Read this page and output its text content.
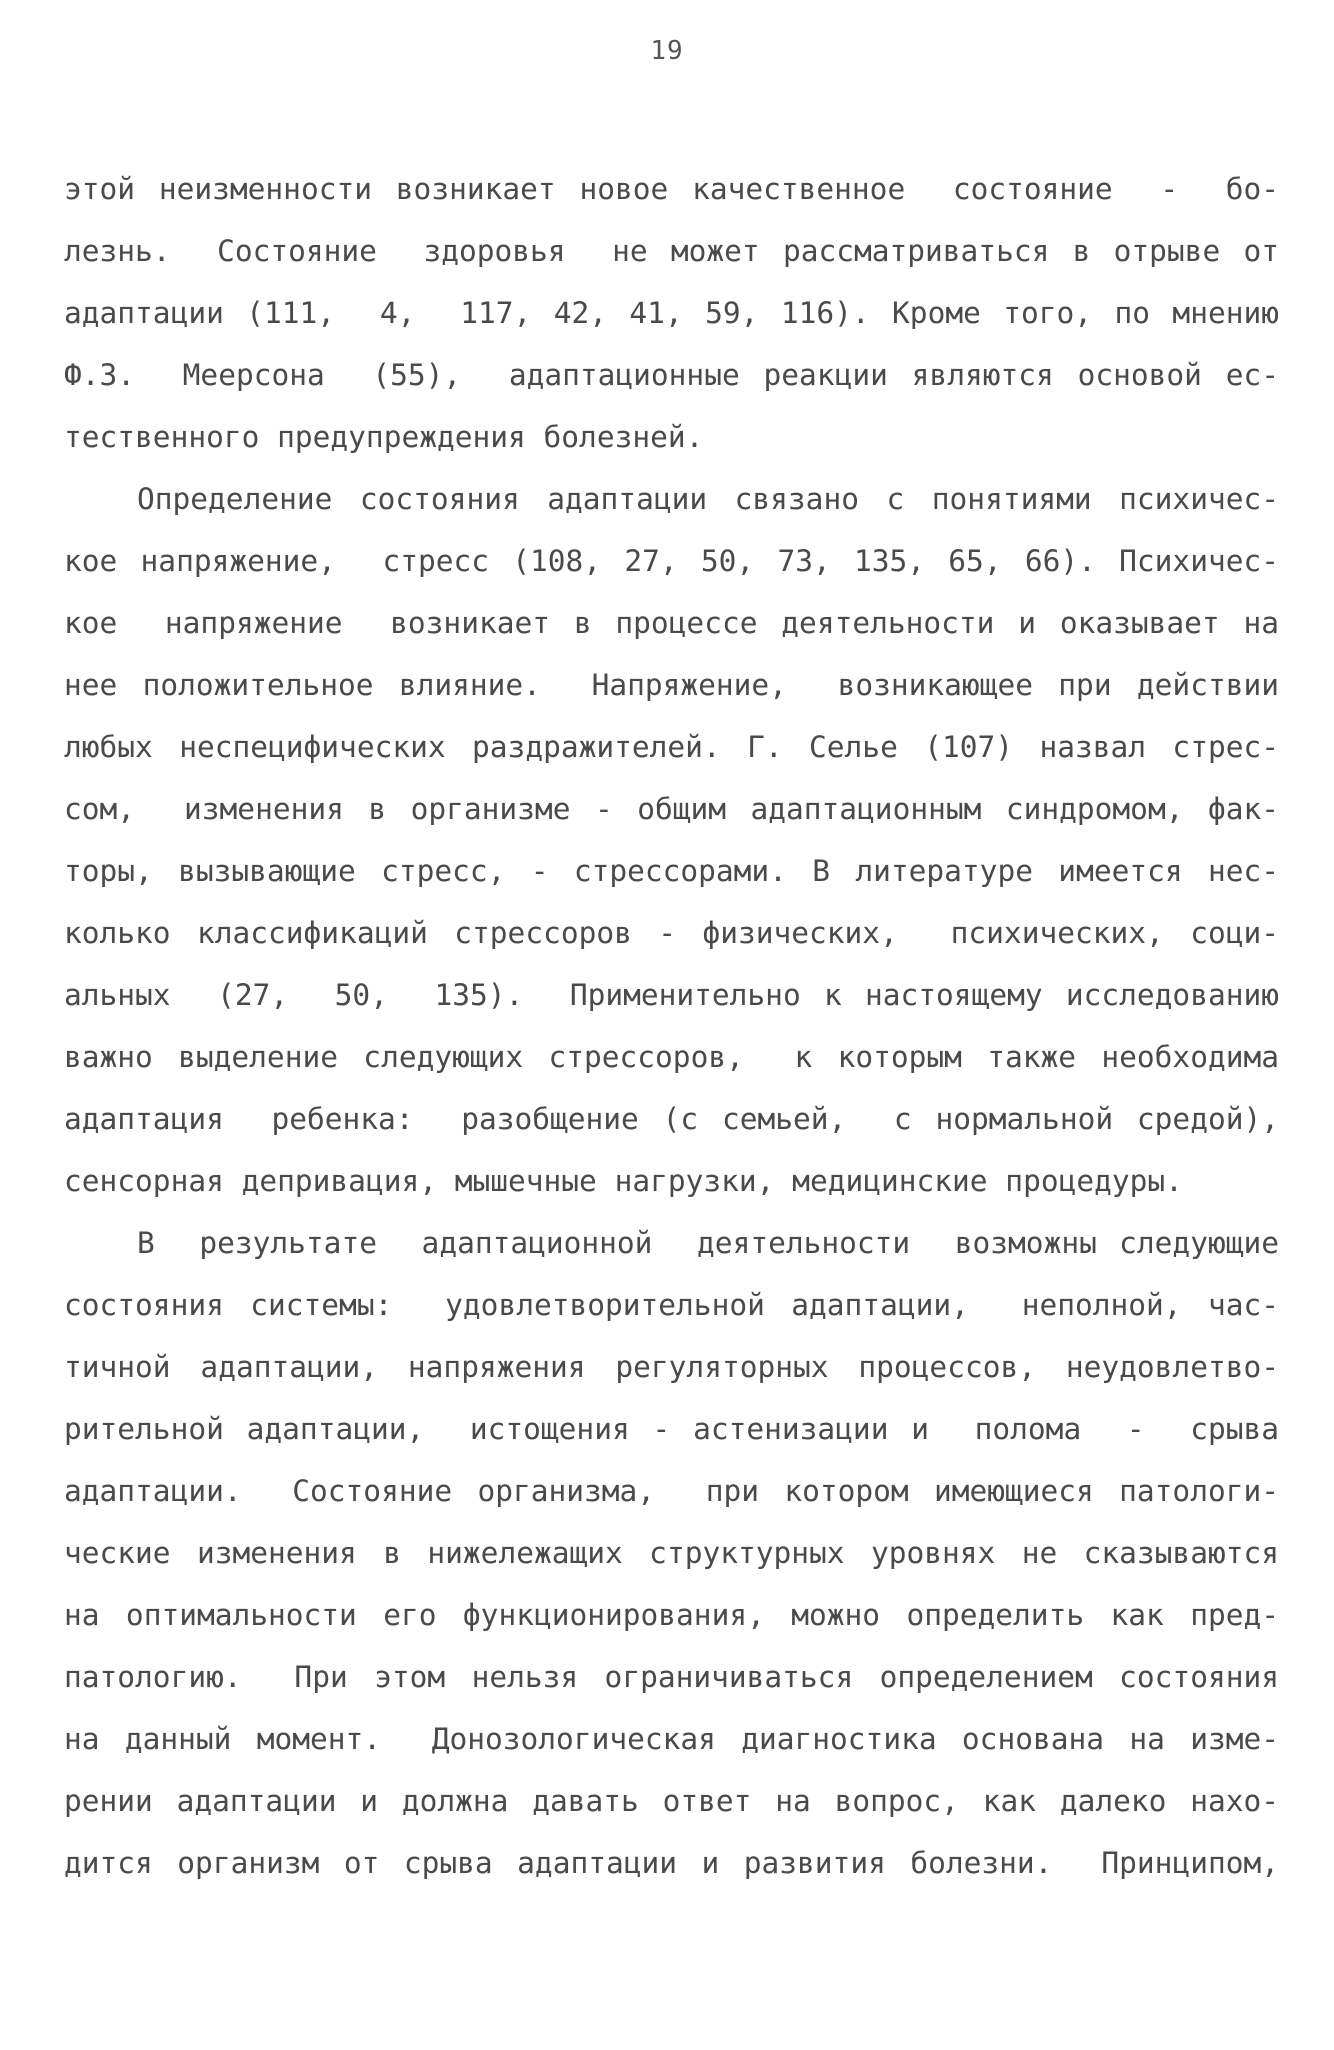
19
этой неизменности возникает новое качественное  состояние  -  бо-
лезнь.  Состояние  здоровья  не может рассматриваться в отрыве от
адаптации (111,  4,  117, 42, 41, 59, 116). Кроме того, по мнению
Ф.З.  Меерсона  (55),  адаптационные реакции являются основой ес-
тественного предупреждения болезней.
Определение состояния адаптации связано с понятиями психичес-
кое напряжение,  стресс (108, 27, 50, 73, 135, 65, 66). Психичес-
кое  напряжение  возникает в процессе деятельности и оказывает на
нее положительное влияние.  Напряжение,  возникающее при действии
любых неспецифических раздражителей. Г. Селье (107) назвал стрес-
сом,  изменения в организме - общим адаптационным синдромом, фак-
торы, вызывающие стресс, - стрессорами. В литературе имеется нес-
колько классификаций стрессоров - физических,  психических, соци-
альных  (27,  50,  135).  Применительно к настоящему исследованию
важно выделение следующих стрессоров,  к которым также необходима
адаптация  ребенка:  разобщение (с семьей,  с нормальной средой),
сенсорная депривация, мышечные нагрузки, медицинские процедуры.
В  результате  адаптационной  деятельности  возможны следующие
состояния системы:  удовлетворительной адаптации,  неполной, час-
тичной адаптации, напряжения регуляторных процессов, неудовлетво-
рительной адаптации,  истощения - астенизации и  полома  -  срыва
адаптации.  Состояние организма,  при котором имеющиеся патологи-
ческие изменения в нижележащих структурных уровнях не сказываются
на оптимальности его функционирования, можно определить как пред-
патологию.  При этом нельзя ограничиваться определением состояния
на данный момент.  Донозологическая диагностика основана на изме-
рении адаптации и должна давать ответ на вопрос, как далеко нахо-
дится организм от срыва адаптации и развития болезни.  Принципом,
